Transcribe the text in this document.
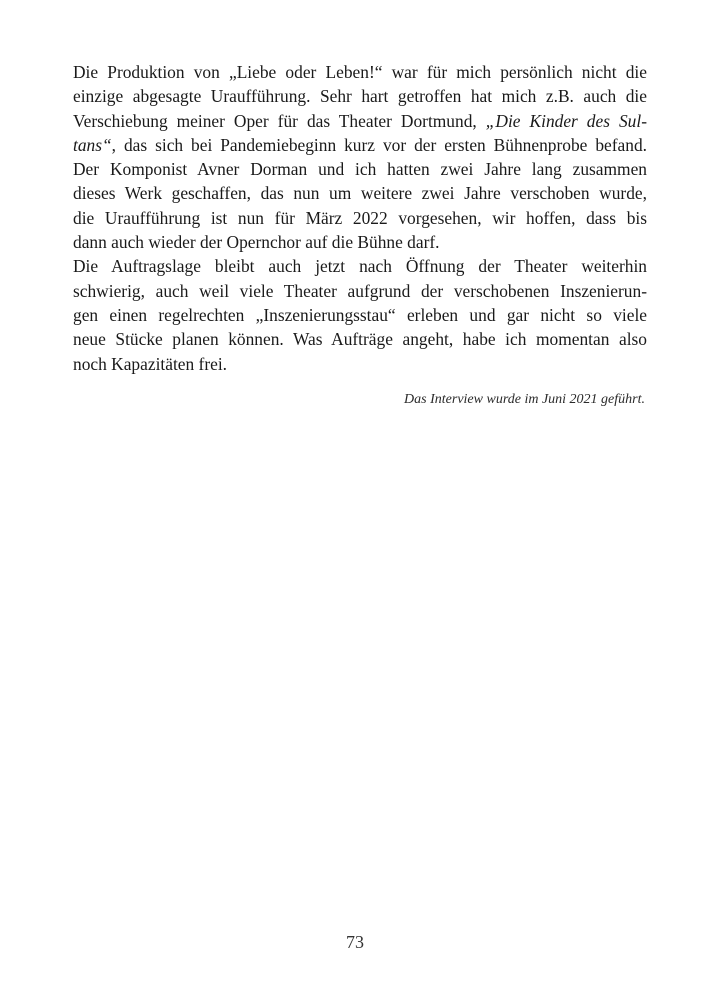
Die Produktion von „Liebe oder Leben!“ war für mich persönlich nicht die
einzige abgesagte Uraufführung. Sehr hart getroffen hat mich z.B. auch die
Verschiebung meiner Oper für das Theater Dortmund, „Die Kinder des Sul-
tans“, das sich bei Pandemiebeginn kurz vor der ersten Bühnenprobe befand.
Der Komponist Avner Dorman und ich hatten zwei Jahre lang zusammen
dieses Werk geschaffen, das nun um weitere zwei Jahre verschoben wurde,
die Uraufführung ist nun für März 2022 vorgesehen, wir hoffen, dass bis
dann auch wieder der Opernchor auf die Bühne darf.
Die Auftragslage bleibt auch jetzt nach Öffnung der Theater weiterhin
schwierig, auch weil viele Theater aufgrund der verschobenen Inszenierun-
gen einen regelrechten „Inszenierungsstau“ erleben und gar nicht so viele
neue Stücke planen können. Was Aufträge angeht, habe ich momentan also
noch Kapazitäten frei.
Das Interview wurde im Juni 2021 geführt.
73
